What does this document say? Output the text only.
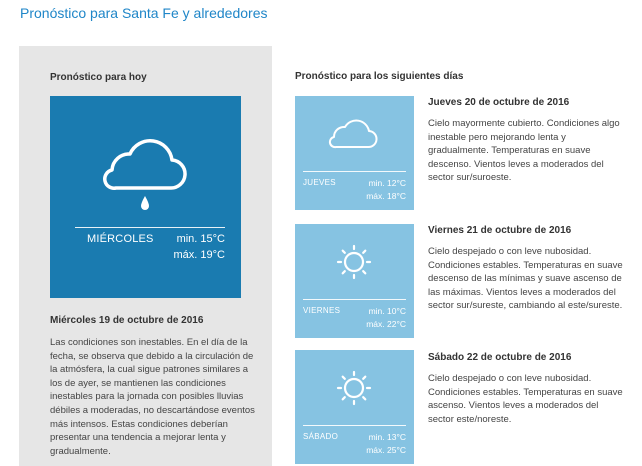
Pronóstico para Santa Fe y alrededores
Pronóstico para hoy
MIÉRCOLES min. 15°C
máx. 19°C
Miércoles 19 de octubre de 2016
Las condiciones son inestables. En el día de la fecha, se observa que debido a la circulación de la atmósfera, la cual sigue patrones similares a los de ayer, se mantienen las condiciones inestables para la jornada con posibles lluvias débiles a moderadas, no descartándose eventos más intensos. Estas condiciones deberían presentar una tendencia a mejorar lenta y gradualmente.
Pronóstico para los siguientes días
JUEVES	min. 12°C
máx. 18°C
Jueves 20 de octubre de 2016
Cielo mayormente cubierto. Condiciones algo inestable pero mejorando lenta y gradualmente. Temperaturas en suave descenso. Vientos leves a moderados del sector sur/suroeste.
VIERNES	min. 10°C
máx. 22°C
Viernes 21 de octubre de 2016
Cielo despejado o con leve nubosidad. Condiciones estables. Temperaturas en suave descenso de las mínimas y suave ascenso de las máximas. Vientos leves a moderados del sector sur/sureste, cambiando al este/sureste.
SÁBADO	min. 13°C
máx. 25°C
Sábado 22 de octubre de 2016
Cielo despejado o con leve nubosidad. Condiciones estables. Temperaturas en suave ascenso. Vientos leves a moderados del sector este/noreste.
